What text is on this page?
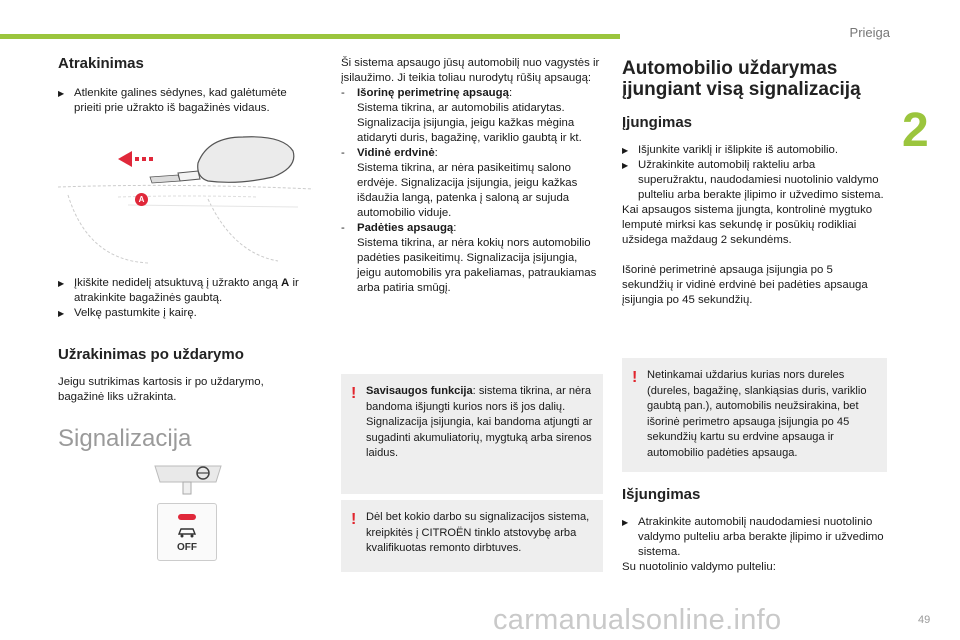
Prieiga
2
Atrakinimas
▶ Atlenkite galines sėdynes, kad galėtumėte prieiti prie užrakto iš bagažinės vidaus.
A
▶ Įkiškite nedidelį atsuktuvą į užrakto angą A ir atrakinkite bagažinės gaubtą.
▶ Velkę pastumkite į kairę.
Užrakinimas po uždarymo

Jeigu sutrikimas kartosis ir po uždarymo, bagažinė liks užrakinta.

Signalizacija
OFF

Ši sistema apsaugo jūsų automobilį nuo vagystės ir įsilaužimo. Ji teikia toliau nurodytų rūšių apsaugą:

- Išorinę perimetrinę apsaugą:
Sistema tikrina, ar automobilis atidarytas. Signalizacija įsijungia, jeigu kažkas mėgina atidaryti duris, bagažinę, variklio gaubtą ir kt.
- Vidinė erdvinė:
Sistema tikrina, ar nėra pasikeitimų salono erdvėje. Signalizacija įsijungia, jeigu kažkas išdaužia langą, patenka į saloną ar sujuda automobilio viduje.
- Padėties apsaugą:
Sistema tikrina, ar nėra kokių nors automobilio padėties pasikeitimų. Signalizacija įsijungia, jeigu automobilis yra pakeliamas, patraukiamas arba patiria smūgį.
! Savisaugos funkcija: sistema tikrina, ar nėra bandoma išjungti kurios nors iš jos dalių. Signalizacija įsijungia, kai bandoma atjungti ar sugadinti akumuliatorių, mygtuką arba sirenos laidus.
! Dėl bet kokio darbo su signalizacijos sistema, kreipkitės į CITROËN tinklo atstovybę arba kvalifikuotas remonto dirbtuves.
Automobilio uždarymas įjungiant visą signalizaciją
Įjungimas
▶ Išjunkite variklį ir išlipkite iš automobilio.
▶ Užrakinkite automobilį rakteliu arba superužraktu, naudodamiesi nuotolinio valdymo pulteliu arba berakte įlipimo ir užvedimo sistema.

Kai apsaugos sistema įjungta, kontrolinė mygtuko lemputė mirksi kas sekundę ir posūkių rodikliai užsidega maždaug 2 sekundėms.

Išorinė perimetrinė apsauga įsijungia po 5 sekundžių ir vidinė erdvinė bei padėties apsauga įsijungia po 45 sekundžių.

! Netinkamai uždarius kurias nors dureles (dureles, bagažinę, slankiąsias duris, variklio gaubtą pan.), automobilis neužsirakina, bet išorinė perimetro apsauga įsijungia po 45 sekundžių kartu su erdvine apsauga ir automobilio padėties apsauga.
Išjungimas
▶ Atrakinkite automobilį naudodamiesi nuotolinio valdymo pulteliu arba berakte įlipimo ir užvedimo sistema.

Su nuotolinio valdymo pulteliu:

carmanualsonline.info	49
